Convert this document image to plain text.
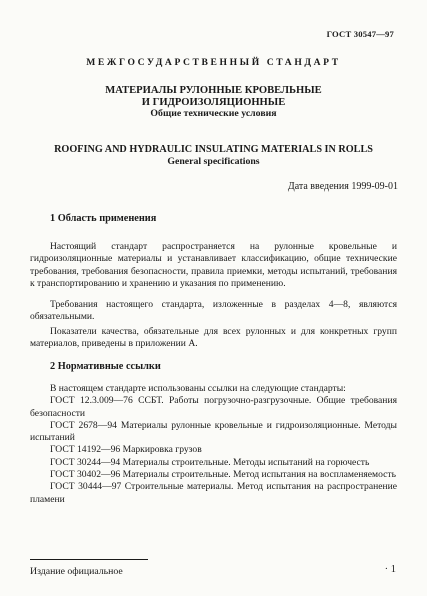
ГОСТ 30547—97
МЕЖГОСУДАРСТВЕННЫЙ СТАНДАРТ
МАТЕРИАЛЫ РУЛОННЫЕ КРОВЕЛЬНЫЕ
И ГИДРОИЗОЛЯЦИОННЫЕ
Общие технические условия
ROOFING AND HYDRAULIC INSULATING MATERIALS IN ROLLS
General specifications
Дата введения 1999-09-01
1 Область применения

Настоящий стандарт распространяется на рулонные кровельные и гидроизоляционные материалы и устанавливает классификацию, общие технические требования, требования безопасности, правила приемки, методы испытаний, требования к транспортированию и хранению и указания по применению.

Требования настоящего стандарта, изложенные в разделах 4—8, являются обязательными.

Показатели качества, обязательные для всех рулонных и для конкретных групп материалов, приведены в приложении А.

2 Нормативные ссылки

В настоящем стандарте использованы ссылки на следующие стандарты:

ГОСТ 12.3.009—76 ССБТ. Работы погрузочно-разгрузочные. Общие требования безопасности

ГОСТ 2678—94 Материалы рулонные кровельные и гидроизоляционные. Методы испытаний

ГОСТ 14192—96 Маркировка грузов

ГОСТ 30244—94 Материалы строительные. Методы испытаний на горючесть

ГОСТ 30402—96 Материалы строительные. Метод испытания на воспламеняемость

ГОСТ 30444—97 Строительные материалы. Метод испытания на распространение пламени

Издание официальное	· 1
